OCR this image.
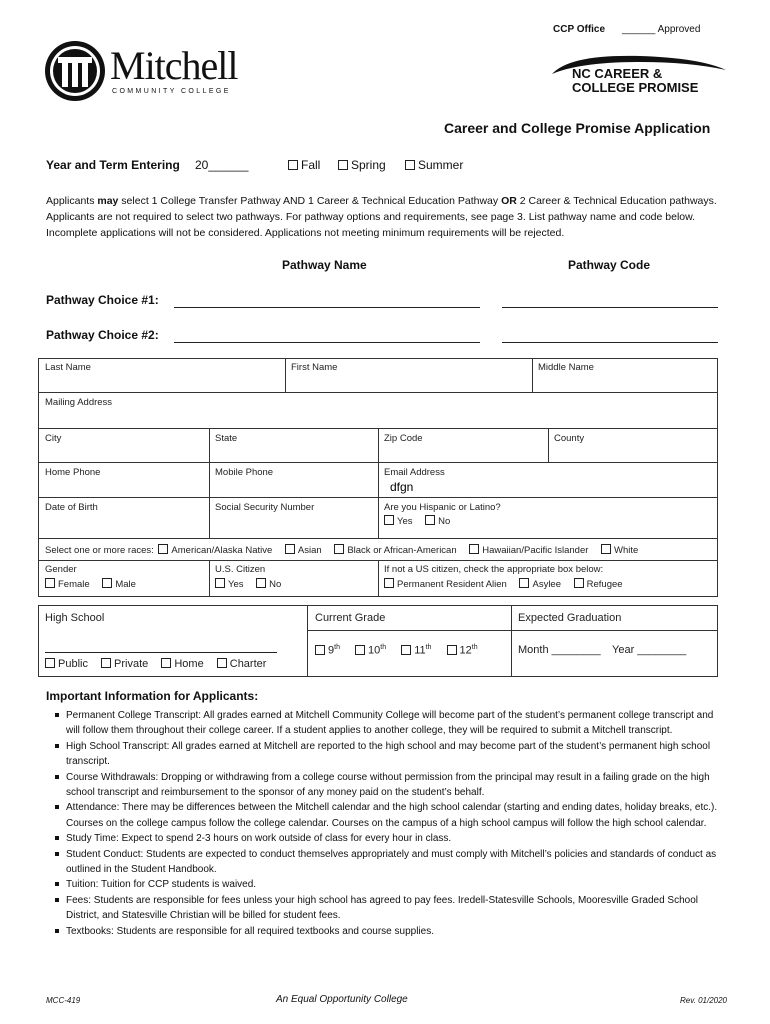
CCP Office ______ Approved
Mitchell
COMMUNITY COLLEGE
NC CAREER &
COLLEGE PROMISE
Career and College Promise Application
Year and Term Entering 20______	Fall	Spring	Summer
Applicants may select 1 College Transfer Pathway AND 1 Career & Technical Education Pathway OR 2 Career & Technical Education pathways. Applicants are not required to select two pathways. For pathway options and requirements, see page 3. List pathway name and code below. Incomplete applications will not be considered. Applications not meeting minimum requirements will be rejected.
Pathway Name	Pathway Code
Pathway Choice #1:
Pathway Choice #2:
Last Name	First Name	Middle Name
Mailing Address
City	State	Zip Code	County
Home Phone	Mobile Phone	Email Address
dfgn
Date of Birth	Social Security Number	Are you Hispanic or Latino?
Yes	No
Select one or more races: American/Alaska Native	Asian	Black or African-American	Hawaiian/Pacific Islander	White
Gender
Female	Male
U.S. Citizen
Yes	No
If not a US citizen, check the appropriate box below:
Permanent Resident Alien	Asylee	Refugee
High School
Public Private Home Charter
Current Grade
9th	10th	11th	12th
Expected Graduation
Month ________ Year ________
Important Information for Applicants:
Permanent College Transcript: All grades earned at Mitchell Community College will become part of the student’s permanent college transcript and will follow them throughout their college career. If a student applies to another college, they will be required to submit a Mitchell transcript.
High School Transcript: All grades earned at Mitchell are reported to the high school and may become part of the student’s permanent high school transcript.
Course Withdrawals: Dropping or withdrawing from a college course without permission from the principal may result in a failing grade on the high school transcript and reimbursement to the sponsor of any money paid on the student’s behalf.
Attendance: There may be differences between the Mitchell calendar and the high school calendar (starting and ending dates, holiday breaks, etc.). Courses on the college campus follow the college calendar. Courses on the campus of a high school campus will follow the high school calendar.
Study Time: Expect to spend 2-3 hours on work outside of class for every hour in class.
Student Conduct: Students are expected to conduct themselves appropriately and must comply with Mitchell’s policies and standards of conduct as outlined in the Student Handbook.
Tuition: Tuition for CCP students is waived.
Fees: Students are responsible for fees unless your high school has agreed to pay fees. Iredell-Statesville Schools, Mooresville Graded School District, and Statesville Christian will be billed for student fees.
Textbooks: Students are responsible for all required textbooks and course supplies.
MCC-419	An Equal Opportunity College	Rev. 01/2020
